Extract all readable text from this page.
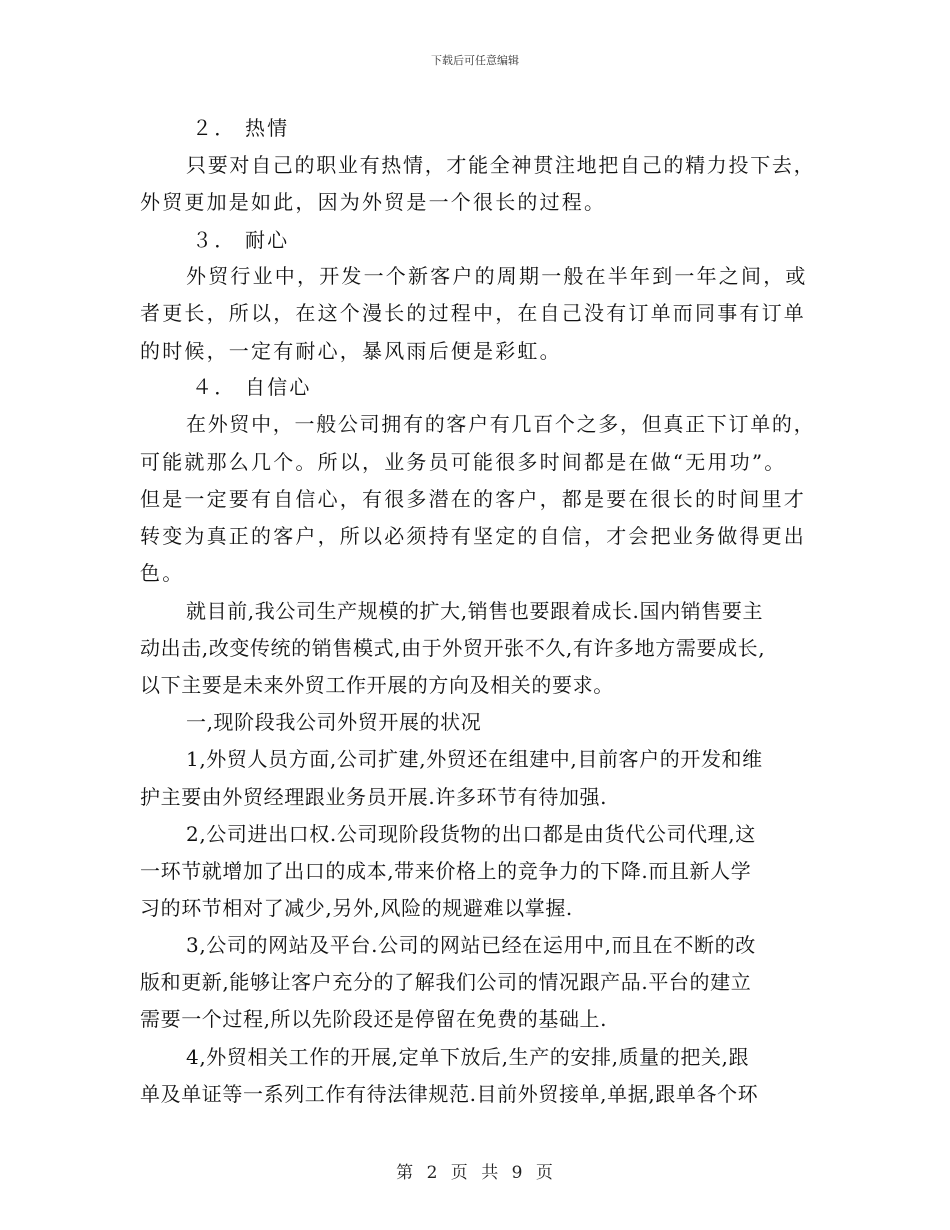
下载后可任意编辑
２． 热情
只要对自己的职业有热情，才能全神贯注地把自己的精力投下去，
外贸更加是如此，因为外贸是一个很长的过程。
３． 耐心
外贸行业中，开发一个新客户的周期一般在半年到一年之间，或
者更长，所以，在这个漫长的过程中，在自己没有订单而同事有订单
的时候，一定有耐心，暴风雨后便是彩虹。
４． 自信心
在外贸中，一般公司拥有的客户有几百个之多，但真正下订单的，
可能就那么几个。所以，业务员可能很多时间都是在做“无用功”。
但是一定要有自信心，有很多潜在的客户，都是要在很长的时间里才
转变为真正的客户，所以必须持有坚定的自信，才会把业务做得更出
色。
就目前,我公司生产规模的扩大,销售也要跟着成长.国内销售要主
动出击,改变传统的销售模式,由于外贸开张不久,有许多地方需要成长,
以下主要是未来外贸工作开展的方向及相关的要求。
一,现阶段我公司外贸开展的状况
1,外贸人员方面,公司扩建,外贸还在组建中,目前客户的开发和维
护主要由外贸经理跟业务员开展.许多环节有待加强.
2,公司进出口权.公司现阶段货物的出口都是由货代公司代理,这
一环节就增加了出口的成本,带来价格上的竞争力的下降.而且新人学
习的环节相对了减少,另外,风险的规避难以掌握.
3,公司的网站及平台.公司的网站已经在运用中,而且在不断的改
版和更新,能够让客户充分的了解我们公司的情况跟产品.平台的建立
需要一个过程,所以先阶段还是停留在免费的基础上.
4,外贸相关工作的开展,定单下放后,生产的安排,质量的把关,跟
单及单证等一系列工作有待法律规范.目前外贸接单,单据,跟单各个环
第 2 页 共 9 页
